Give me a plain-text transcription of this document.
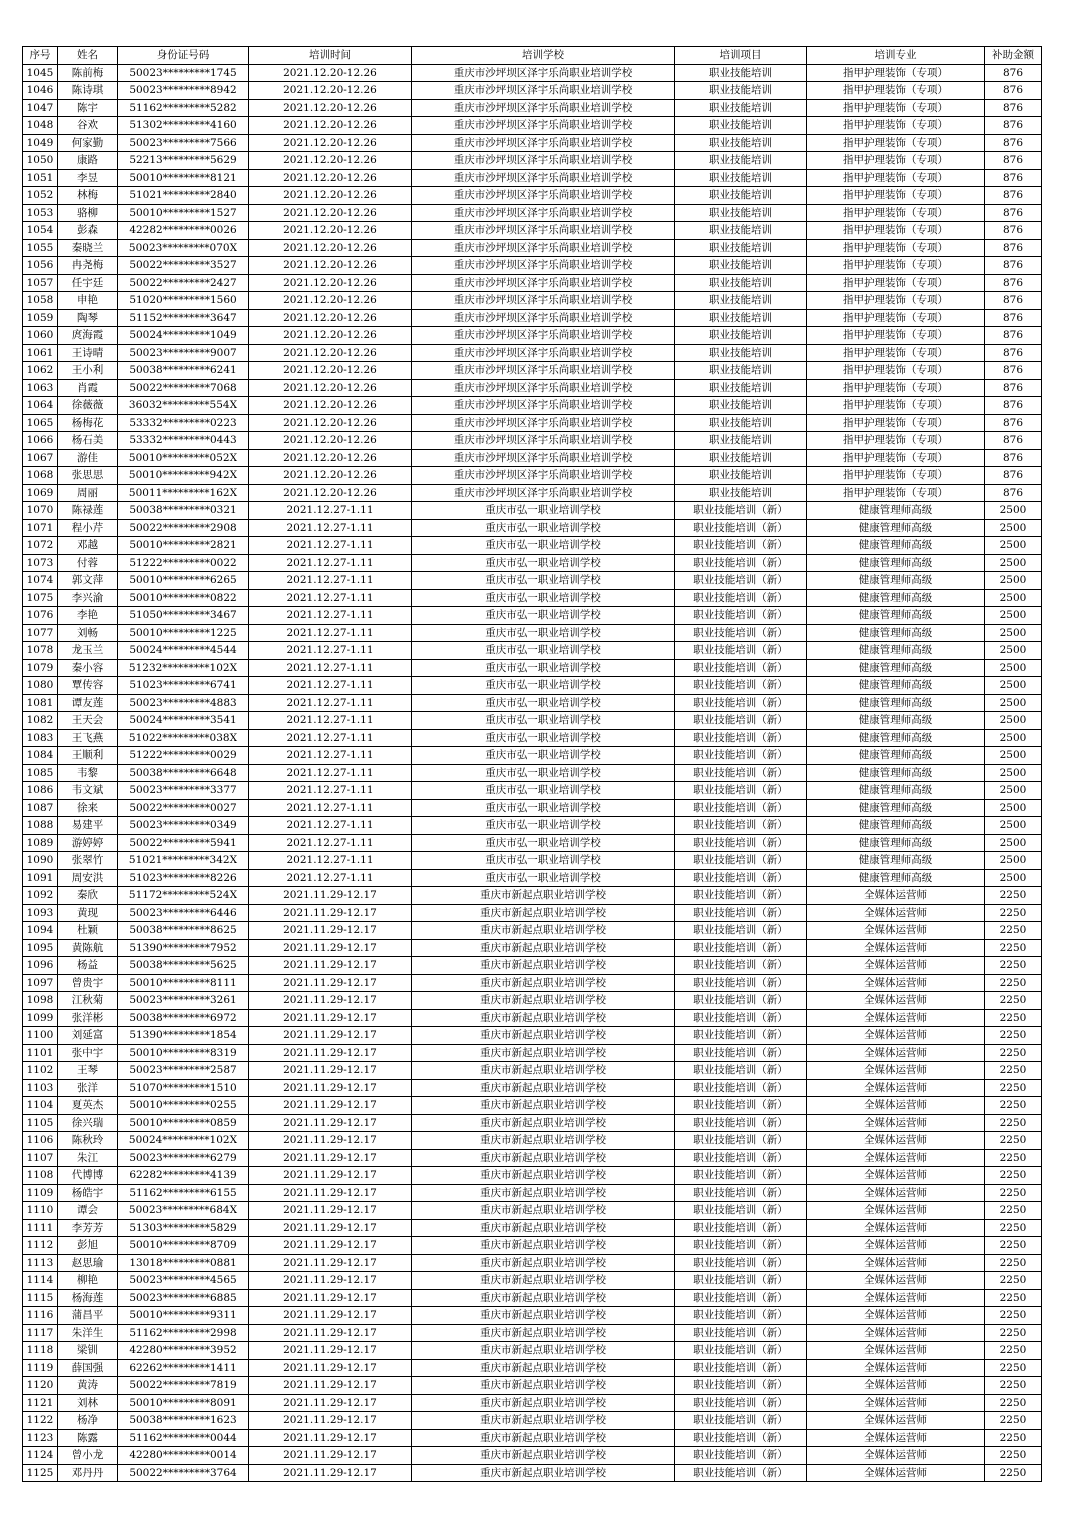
序号	姓名	身份证号码	培训时间	培训学校	培训项目	培训专业	补助金额
1045	陈前梅	50023*********1745	2021.12.20-12.26	重庆市沙坪坝区泽宇乐尚职业培训学校	职业技能培训	指甲护理装饰（专项）	876
1046	陈诗琪	50023*********8942	2021.12.20-12.26	重庆市沙坪坝区泽宇乐尚职业培训学校	职业技能培训	指甲护理装饰（专项）	876
1047	陈宇	51162*********5282	2021.12.20-12.26	重庆市沙坪坝区泽宇乐尚职业培训学校	职业技能培训	指甲护理装饰（专项）	876
1048	谷欢	51302*********4160	2021.12.20-12.26	重庆市沙坪坝区泽宇乐尚职业培训学校	职业技能培训	指甲护理装饰（专项）	876
1049	何家勤	50023*********7566	2021.12.20-12.26	重庆市沙坪坝区泽宇乐尚职业培训学校	职业技能培训	指甲护理装饰（专项）	876
1050	康路	52213*********5629	2021.12.20-12.26	重庆市沙坪坝区泽宇乐尚职业培训学校	职业技能培训	指甲护理装饰（专项）	876
1051	李昱	50010*********8121	2021.12.20-12.26	重庆市沙坪坝区泽宇乐尚职业培训学校	职业技能培训	指甲护理装饰（专项）	876
1052	林梅	51021*********2840	2021.12.20-12.26	重庆市沙坪坝区泽宇乐尚职业培训学校	职业技能培训	指甲护理装饰（专项）	876
1053	骆柳	50010*********1527	2021.12.20-12.26	重庆市沙坪坝区泽宇乐尚职业培训学校	职业技能培训	指甲护理装饰（专项）	876
1054	彭森	42282*********0026	2021.12.20-12.26	重庆市沙坪坝区泽宇乐尚职业培训学校	职业技能培训	指甲护理装饰（专项）	876
1055	秦晓兰	50023*********070X	2021.12.20-12.26	重庆市沙坪坝区泽宇乐尚职业培训学校	职业技能培训	指甲护理装饰（专项）	876
1056	冉尧梅	50022*********3527	2021.12.20-12.26	重庆市沙坪坝区泽宇乐尚职业培训学校	职业技能培训	指甲护理装饰（专项）	876
1057	任宇廷	50022*********2427	2021.12.20-12.26	重庆市沙坪坝区泽宇乐尚职业培训学校	职业技能培训	指甲护理装饰（专项）	876
1058	申艳	51020*********1560	2021.12.20-12.26	重庆市沙坪坝区泽宇乐尚职业培训学校	职业技能培训	指甲护理装饰（专项）	876
1059	陶琴	51152*********3647	2021.12.20-12.26	重庆市沙坪坝区泽宇乐尚职业培训学校	职业技能培训	指甲护理装饰（专项）	876
1060	庹海霞	50024*********1049	2021.12.20-12.26	重庆市沙坪坝区泽宇乐尚职业培训学校	职业技能培训	指甲护理装饰（专项）	876
1061	王诗晴	50023*********9007	2021.12.20-12.26	重庆市沙坪坝区泽宇乐尚职业培训学校	职业技能培训	指甲护理装饰（专项）	876
1062	王小利	50038*********6241	2021.12.20-12.26	重庆市沙坪坝区泽宇乐尚职业培训学校	职业技能培训	指甲护理装饰（专项）	876
1063	肖霞	50022*********7068	2021.12.20-12.26	重庆市沙坪坝区泽宇乐尚职业培训学校	职业技能培训	指甲护理装饰（专项）	876
1064	徐薇薇	36032*********554X	2021.12.20-12.26	重庆市沙坪坝区泽宇乐尚职业培训学校	职业技能培训	指甲护理装饰（专项）	876
1065	杨梅花	53332*********0223	2021.12.20-12.26	重庆市沙坪坝区泽宇乐尚职业培训学校	职业技能培训	指甲护理装饰（专项）	876
1066	杨石美	53332*********0443	2021.12.20-12.26	重庆市沙坪坝区泽宇乐尚职业培训学校	职业技能培训	指甲护理装饰（专项）	876
1067	游佳	50010*********052X	2021.12.20-12.26	重庆市沙坪坝区泽宇乐尚职业培训学校	职业技能培训	指甲护理装饰（专项）	876
1068	张思思	50010*********942X	2021.12.20-12.26	重庆市沙坪坝区泽宇乐尚职业培训学校	职业技能培训	指甲护理装饰（专项）	876
1069	周丽	50011*********162X	2021.12.20-12.26	重庆市沙坪坝区泽宇乐尚职业培训学校	职业技能培训	指甲护理装饰（专项）	876
1070	陈禄莲	50038*********0321	2021.12.27-1.11	重庆市弘一职业培训学校	职业技能培训（新）	健康管理师高级	2500
1071	程小芹	50022*********2908	2021.12.27-1.11	重庆市弘一职业培训学校	职业技能培训（新）	健康管理师高级	2500
1072	邓越	50010*********2821	2021.12.27-1.11	重庆市弘一职业培训学校	职业技能培训（新）	健康管理师高级	2500
1073	付蓉	51222*********0022	2021.12.27-1.11	重庆市弘一职业培训学校	职业技能培训（新）	健康管理师高级	2500
1074	郭文萍	50010*********6265	2021.12.27-1.11	重庆市弘一职业培训学校	职业技能培训（新）	健康管理师高级	2500
1075	李兴渝	50010*********0822	2021.12.27-1.11	重庆市弘一职业培训学校	职业技能培训（新）	健康管理师高级	2500
1076	李艳	51050*********3467	2021.12.27-1.11	重庆市弘一职业培训学校	职业技能培训（新）	健康管理师高级	2500
1077	刘畅	50010*********1225	2021.12.27-1.11	重庆市弘一职业培训学校	职业技能培训（新）	健康管理师高级	2500
1078	龙玉兰	50024*********4544	2021.12.27-1.11	重庆市弘一职业培训学校	职业技能培训（新）	健康管理师高级	2500
1079	秦小容	51232*********102X	2021.12.27-1.11	重庆市弘一职业培训学校	职业技能培训（新）	健康管理师高级	2500
1080	覃传容	51023*********6741	2021.12.27-1.11	重庆市弘一职业培训学校	职业技能培训（新）	健康管理师高级	2500
1081	谭友莲	50023*********4883	2021.12.27-1.11	重庆市弘一职业培训学校	职业技能培训（新）	健康管理师高级	2500
1082	王天会	50024*********3541	2021.12.27-1.11	重庆市弘一职业培训学校	职业技能培训（新）	健康管理师高级	2500
1083	王飞燕	51022*********038X	2021.12.27-1.11	重庆市弘一职业培训学校	职业技能培训（新）	健康管理师高级	2500
1084	王顺利	51222*********0029	2021.12.27-1.11	重庆市弘一职业培训学校	职业技能培训（新）	健康管理师高级	2500
1085	韦黎	50038*********6648	2021.12.27-1.11	重庆市弘一职业培训学校	职业技能培训（新）	健康管理师高级	2500
1086	韦文斌	50023*********3377	2021.12.27-1.11	重庆市弘一职业培训学校	职业技能培训（新）	健康管理师高级	2500
1087	徐来	50022*********0027	2021.12.27-1.11	重庆市弘一职业培训学校	职业技能培训（新）	健康管理师高级	2500
1088	易建平	50023*********0349	2021.12.27-1.11	重庆市弘一职业培训学校	职业技能培训（新）	健康管理师高级	2500
1089	游婷婷	50022*********5941	2021.12.27-1.11	重庆市弘一职业培训学校	职业技能培训（新）	健康管理师高级	2500
1090	张翠竹	51021*********342X	2021.12.27-1.11	重庆市弘一职业培训学校	职业技能培训（新）	健康管理师高级	2500
1091	周安洪	51023*********8226	2021.12.27-1.11	重庆市弘一职业培训学校	职业技能培训（新）	健康管理师高级	2500
1092	秦欣	51172*********524X	2021.11.29-12.17	重庆市新起点职业培训学校	职业技能培训（新）	全媒体运营师	2250
1093	黄现	50023*********6446	2021.11.29-12.17	重庆市新起点职业培训学校	职业技能培训（新）	全媒体运营师	2250
1094	杜颖	50038*********8625	2021.11.29-12.17	重庆市新起点职业培训学校	职业技能培训（新）	全媒体运营师	2250
1095	黄陈航	51390*********7952	2021.11.29-12.17	重庆市新起点职业培训学校	职业技能培训（新）	全媒体运营师	2250
1096	杨益	50038*********5625	2021.11.29-12.17	重庆市新起点职业培训学校	职业技能培训（新）	全媒体运营师	2250
1097	曾贵宇	50010*********8111	2021.11.29-12.17	重庆市新起点职业培训学校	职业技能培训（新）	全媒体运营师	2250
1098	江秋菊	50023*********3261	2021.11.29-12.17	重庆市新起点职业培训学校	职业技能培训（新）	全媒体运营师	2250
1099	张洋彬	50038*********6972	2021.11.29-12.17	重庆市新起点职业培训学校	职业技能培训（新）	全媒体运营师	2250
1100	刘延富	51390*********1854	2021.11.29-12.17	重庆市新起点职业培训学校	职业技能培训（新）	全媒体运营师	2250
1101	张中宇	50010*********8319	2021.11.29-12.17	重庆市新起点职业培训学校	职业技能培训（新）	全媒体运营师	2250
1102	王琴	50023*********2587	2021.11.29-12.17	重庆市新起点职业培训学校	职业技能培训（新）	全媒体运营师	2250
1103	张洋	51070*********1510	2021.11.29-12.17	重庆市新起点职业培训学校	职业技能培训（新）	全媒体运营师	2250
1104	夏英杰	50010*********0255	2021.11.29-12.17	重庆市新起点职业培训学校	职业技能培训（新）	全媒体运营师	2250
1105	徐兴瑞	50010*********0859	2021.11.29-12.17	重庆市新起点职业培训学校	职业技能培训（新）	全媒体运营师	2250
1106	陈秋玲	50024*********102X	2021.11.29-12.17	重庆市新起点职业培训学校	职业技能培训（新）	全媒体运营师	2250
1107	朱江	50023*********6279	2021.11.29-12.17	重庆市新起点职业培训学校	职业技能培训（新）	全媒体运营师	2250
1108	代博博	62282*********4139	2021.11.29-12.17	重庆市新起点职业培训学校	职业技能培训（新）	全媒体运营师	2250
1109	杨皓宇	51162*********6155	2021.11.29-12.17	重庆市新起点职业培训学校	职业技能培训（新）	全媒体运营师	2250
1110	谭会	50023*********684X	2021.11.29-12.17	重庆市新起点职业培训学校	职业技能培训（新）	全媒体运营师	2250
1111	李芳芳	51303*********5829	2021.11.29-12.17	重庆市新起点职业培训学校	职业技能培训（新）	全媒体运营师	2250
1112	彭旭	50010*********8709	2021.11.29-12.17	重庆市新起点职业培训学校	职业技能培训（新）	全媒体运营师	2250
1113	赵思瑜	13018*********0881	2021.11.29-12.17	重庆市新起点职业培训学校	职业技能培训（新）	全媒体运营师	2250
1114	柳艳	50023*********4565	2021.11.29-12.17	重庆市新起点职业培训学校	职业技能培训（新）	全媒体运营师	2250
1115	杨海莲	50023*********6885	2021.11.29-12.17	重庆市新起点职业培训学校	职业技能培训（新）	全媒体运营师	2250
1116	蒲昌平	50010*********9311	2021.11.29-12.17	重庆市新起点职业培训学校	职业技能培训（新）	全媒体运营师	2250
1117	朱洋生	51162*********2998	2021.11.29-12.17	重庆市新起点职业培训学校	职业技能培训（新）	全媒体运营师	2250
1118	梁钏	42280*********3952	2021.11.29-12.17	重庆市新起点职业培训学校	职业技能培训（新）	全媒体运营师	2250
1119	薛国强	62262*********1411	2021.11.29-12.17	重庆市新起点职业培训学校	职业技能培训（新）	全媒体运营师	2250
1120	黄涛	50022*********7819	2021.11.29-12.17	重庆市新起点职业培训学校	职业技能培训（新）	全媒体运营师	2250
1121	刘林	50010*********8091	2021.11.29-12.17	重庆市新起点职业培训学校	职业技能培训（新）	全媒体运营师	2250
1122	杨净	50038*********1623	2021.11.29-12.17	重庆市新起点职业培训学校	职业技能培训（新）	全媒体运营师	2250
1123	陈露	51162*********0044	2021.11.29-12.17	重庆市新起点职业培训学校	职业技能培训（新）	全媒体运营师	2250
1124	曾小龙	42280*********0014	2021.11.29-12.17	重庆市新起点职业培训学校	职业技能培训（新）	全媒体运营师	2250
1125	邓丹丹	50022*********3764	2021.11.29-12.17	重庆市新起点职业培训学校	职业技能培训（新）	全媒体运营师	2250
